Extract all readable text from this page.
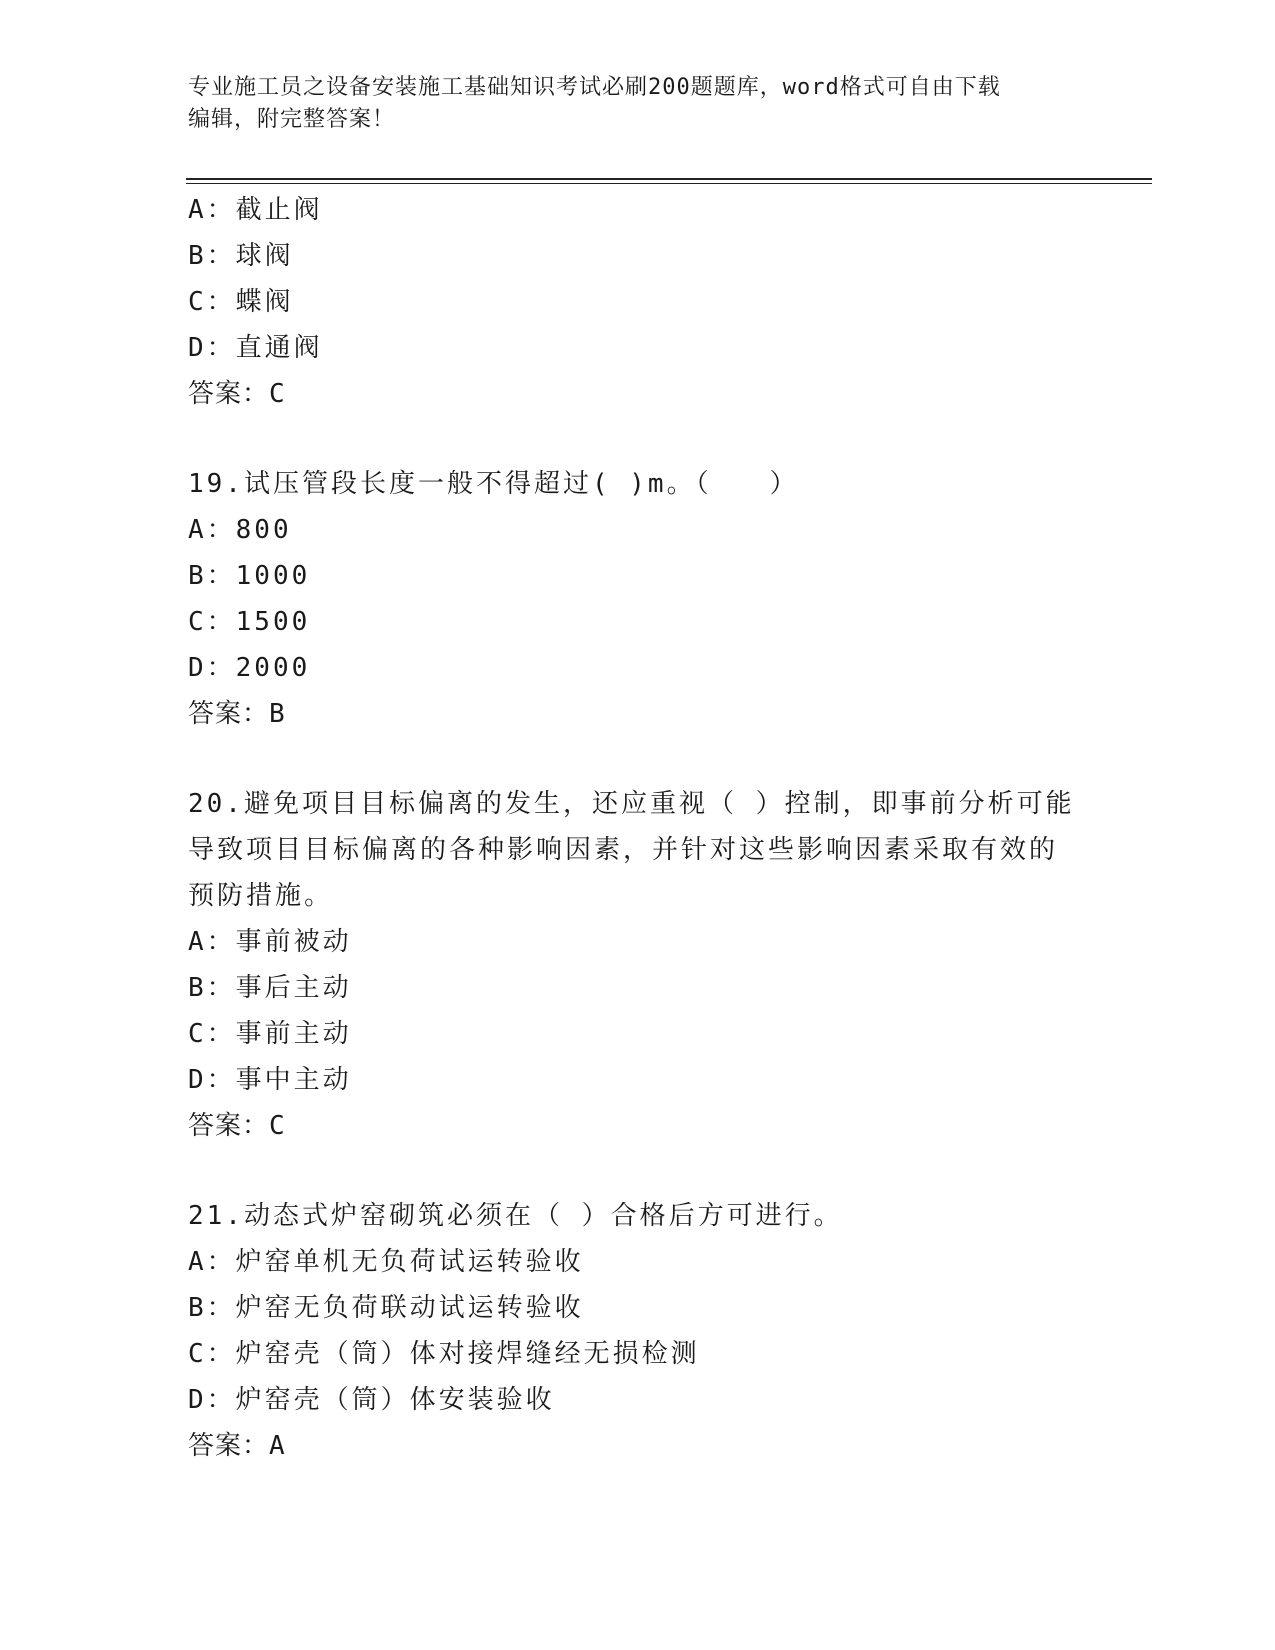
专业施工员之设备安装施工基础知识考试必刷200题题库，word格式可自由下载
编辑，附完整答案！
A：截止阀
B：球阀
C：蝶阀
D：直通阀
答案：C
19.试压管段长度一般不得超过( )m。（　　）
A：800
B：1000
C：1500
D：2000
答案：B
20.避免项目目标偏离的发生，还应重视（ ）控制，即事前分析可能
导致项目目标偏离的各种影响因素，并针对这些影响因素采取有效的
预防措施。
A：事前被动
B：事后主动
C：事前主动
D：事中主动
答案：C
21.动态式炉窑砌筑必须在（ ）合格后方可进行。
A：炉窑单机无负荷试运转验收
B：炉窑无负荷联动试运转验收
C：炉窑壳（筒）体对接焊缝经无损检测
D：炉窑壳（筒）体安装验收
答案：A
